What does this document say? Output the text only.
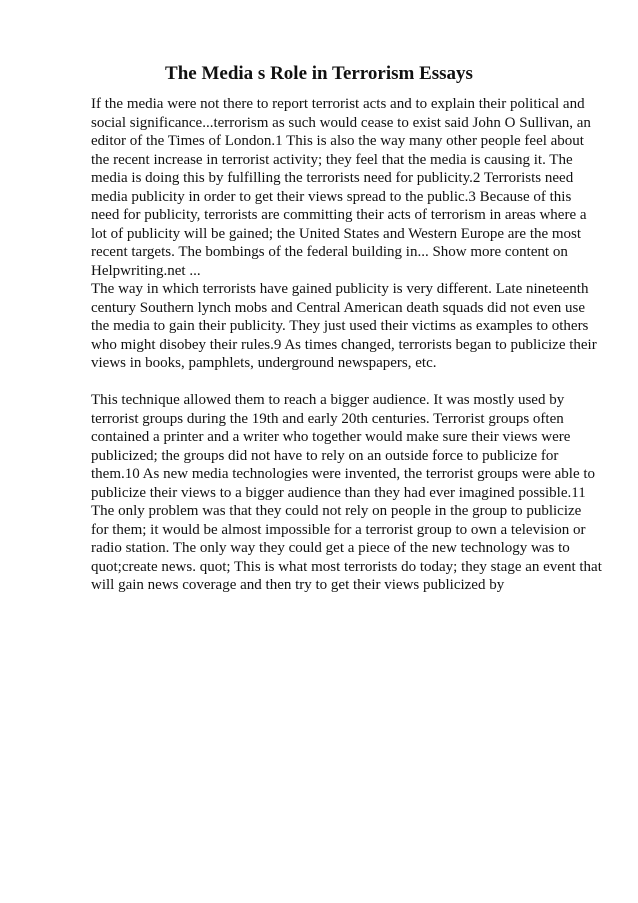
The Media s Role in Terrorism Essays
If the media were not there to report terrorist acts and to explain their political and
social significance...terrorism as such would cease to exist said John O Sullivan, an
editor of the Times of London.1 This is also the way many other people feel about
the recent increase in terrorist activity; they feel that the media is causing it. The
media is doing this by fulfilling the terrorists need for publicity.2 Terrorists need
media publicity in order to get their views spread to the public.3 Because of this
need for publicity, terrorists are committing their acts of terrorism in areas where a
lot of publicity will be gained; the United States and Western Europe are the most
recent targets. The bombings of the federal building in... Show more content on
Helpwriting.net ...
The way in which terrorists have gained publicity is very different. Late nineteenth
century Southern lynch mobs and Central American death squads did not even use
the media to gain their publicity. They just used their victims as examples to others
who might disobey their rules.9 As times changed, terrorists began to publicize their
views in books, pamphlets, underground newspapers, etc.
This technique allowed them to reach a bigger audience. It was mostly used by
terrorist groups during the 19th and early 20th centuries. Terrorist groups often
contained a printer and a writer who together would make sure their views were
publicized; the groups did not have to rely on an outside force to publicize for
them.10 As new media technologies were invented, the terrorist groups were able to
publicize their views to a bigger audience than they had ever imagined possible.11
The only problem was that they could not rely on people in the group to publicize
for them; it would be almost impossible for a terrorist group to own a television or
radio station. The only way they could get a piece of the new technology was to
quot;create news. quot; This is what most terrorists do today; they stage an event that
will gain news coverage and then try to get their views publicized by
